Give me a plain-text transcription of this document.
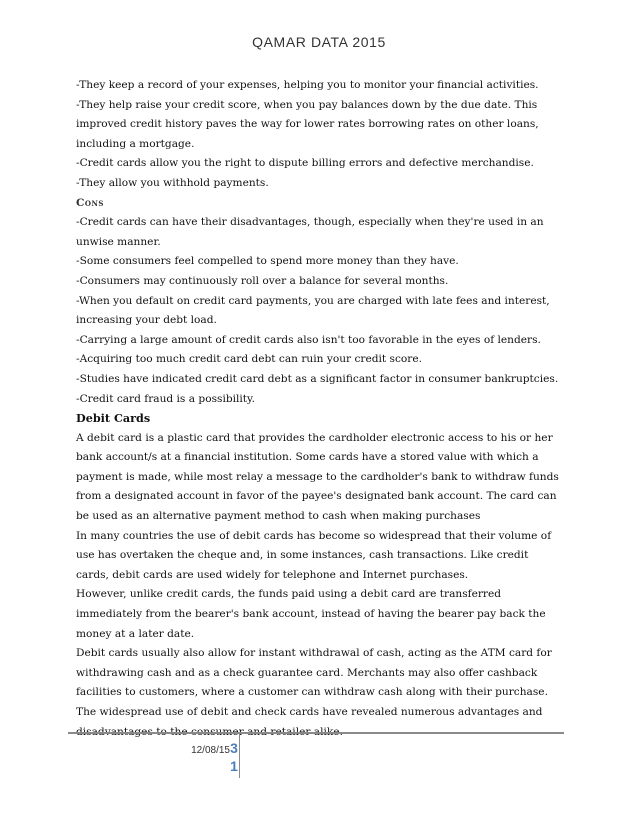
QAMAR DATA 2015

-They keep a record of your expenses, helping you to monitor your financial activities.

-They help raise your credit score, when you pay balances down by the due date. This improved credit history paves the way for lower rates borrowing rates on other loans, including a mortgage.

-Credit cards allow you the right to dispute billing errors and defective merchandise.

-They allow you withhold payments.

Cons

-Credit cards can have their disadvantages, though, especially when they're used in an unwise manner.

-Some consumers feel compelled to spend more money than they have.

-Consumers may continuously roll over a balance for several months.

-When you default on credit card payments, you are charged with late fees and interest, increasing your debt load.

-Carrying a large amount of credit cards also isn't too favorable in the eyes of lenders.

-Acquiring too much credit card debt can ruin your credit score.

-Studies have indicated credit card debt as a significant factor in consumer bankruptcies.

-Credit card fraud is a possibility.

Debit Cards

A debit card is a plastic card that provides the cardholder electronic access to his or her bank account/s at a financial institution. Some cards have a stored value with which a payment is made, while most relay a message to the cardholder's bank to withdraw funds from a designated account in favor of the payee's designated bank account. The card can be used as an alternative payment method to cash when making purchases

In many countries the use of debit cards has become so widespread that their volume of use has overtaken the cheque and, in some instances, cash transactions. Like credit cards, debit cards are used widely for telephone and Internet purchases.

However, unlike credit cards, the funds paid using a debit card are transferred immediately from the bearer's bank account, instead of having the bearer pay back the money at a later date.

Debit cards usually also allow for instant withdrawal of cash, acting as the ATM card for withdrawing cash and as a check guarantee card. Merchants may also offer cashback facilities to customers, where a customer can withdraw cash along with their purchase.

The widespread use of debit and check cards have revealed numerous advantages and disadvantages to the consumer and retailer alike.

12/08/15 3
1
